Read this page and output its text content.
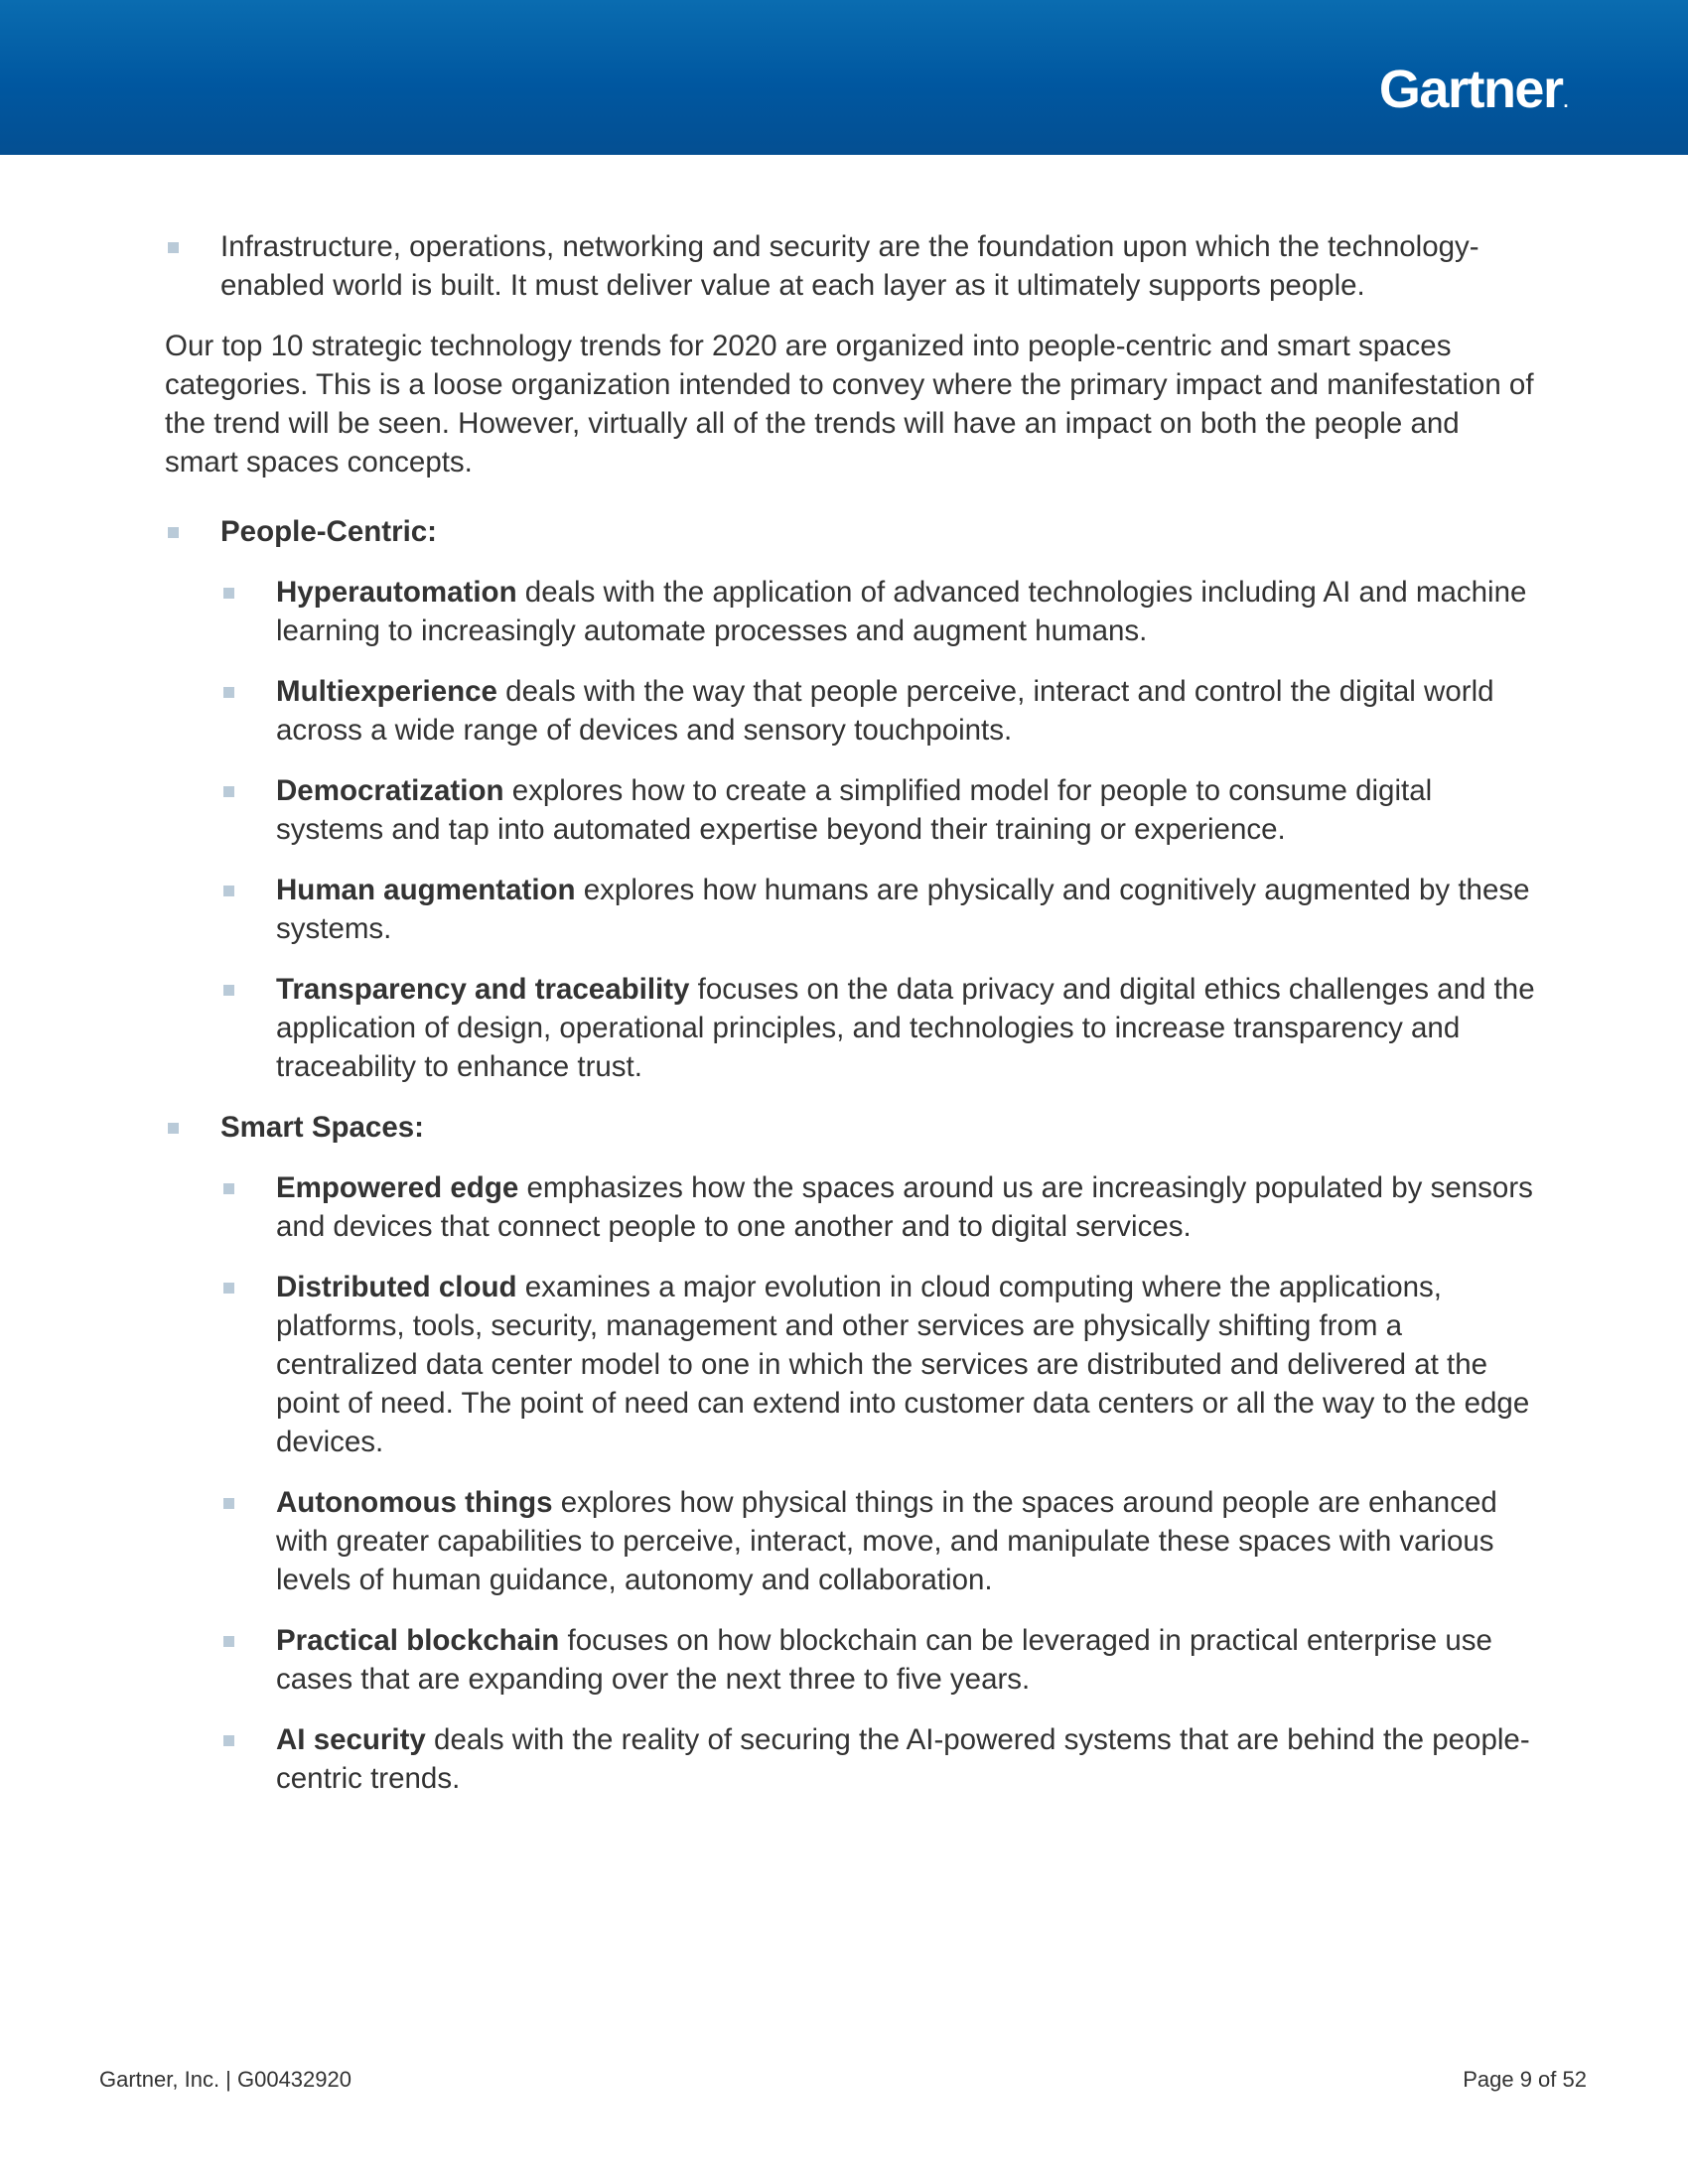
Gartner.
Infrastructure, operations, networking and security are the foundation upon which the technology-enabled world is built. It must deliver value at each layer as it ultimately supports people.

Our top 10 strategic technology trends for 2020 are organized into people-centric and smart spaces categories. This is a loose organization intended to convey where the primary impact and manifestation of the trend will be seen. However, virtually all of the trends will have an impact on both the people and smart spaces concepts.

People-Centric:
Hyperautomation deals with the application of advanced technologies including AI and machine learning to increasingly automate processes and augment humans.
Multiexperience deals with the way that people perceive, interact and control the digital world across a wide range of devices and sensory touchpoints.
Democratization explores how to create a simplified model for people to consume digital systems and tap into automated expertise beyond their training or experience.
Human augmentation explores how humans are physically and cognitively augmented by these systems.
Transparency and traceability focuses on the data privacy and digital ethics challenges and the application of design, operational principles, and technologies to increase transparency and traceability to enhance trust.
Smart Spaces:
Empowered edge emphasizes how the spaces around us are increasingly populated by sensors and devices that connect people to one another and to digital services.
Distributed cloud examines a major evolution in cloud computing where the applications, platforms, tools, security, management and other services are physically shifting from a centralized data center model to one in which the services are distributed and delivered at the point of need. The point of need can extend into customer data centers or all the way to the edge devices.
Autonomous things explores how physical things in the spaces around people are enhanced with greater capabilities to perceive, interact, move, and manipulate these spaces with various levels of human guidance, autonomy and collaboration.
Practical blockchain focuses on how blockchain can be leveraged in practical enterprise use cases that are expanding over the next three to five years.
AI security deals with the reality of securing the AI-powered systems that are behind the people-centric trends.
Gartner, Inc. | G00432920	Page 9 of 52
